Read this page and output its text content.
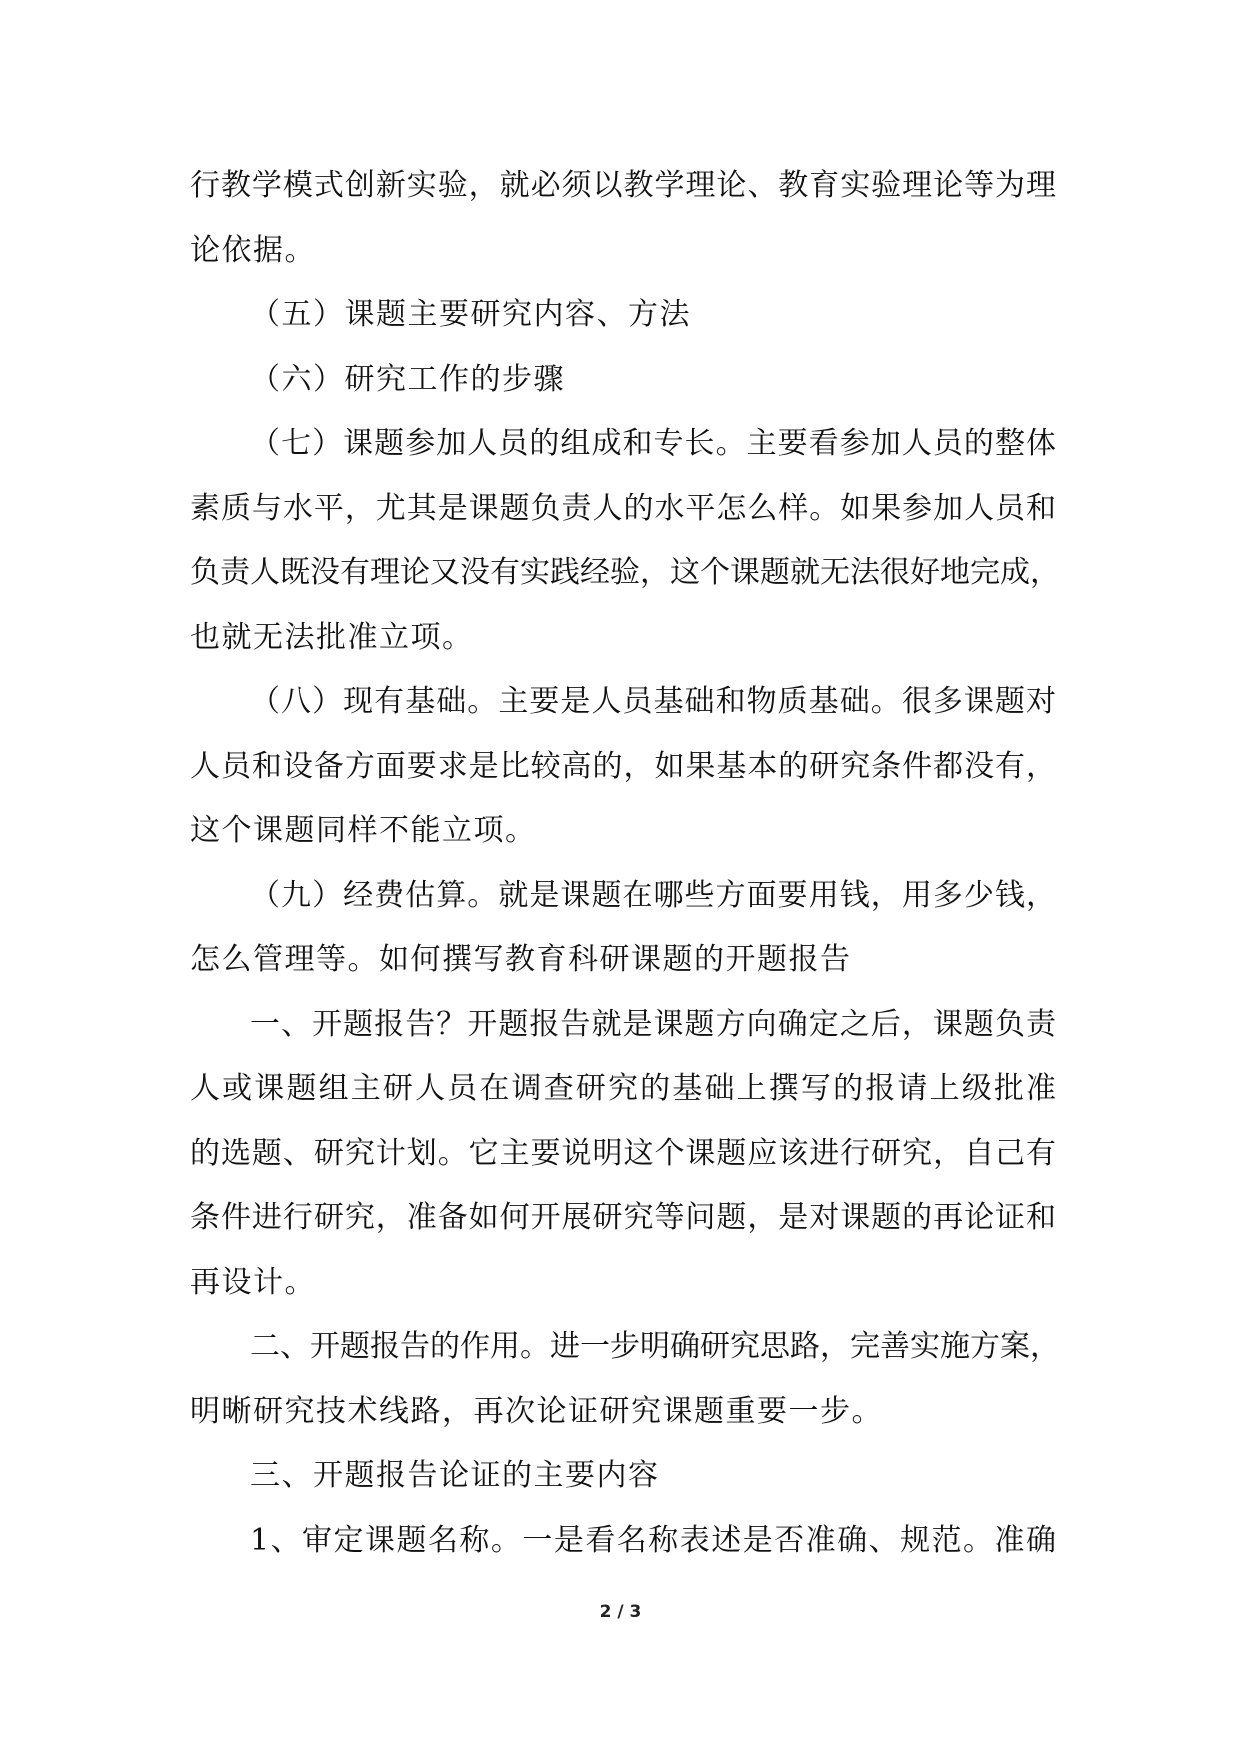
行教学模式创新实验，就必须以教学理论、教育实验理论等为理
论依据。
（五）课题主要研究内容、方法
（六）研究工作的步骤
（七）课题参加人员的组成和专长。主要看参加人员的整体
素质与水平，尤其是课题负责人的水平怎么样。如果参加人员和
负责人既没有理论又没有实践经验，这个课题就无法很好地完成，
也就无法批准立项。
（八）现有基础。主要是人员基础和物质基础。很多课题对
人员和设备方面要求是比较高的，如果基本的研究条件都没有，
这个课题同样不能立项。
（九）经费估算。就是课题在哪些方面要用钱，用多少钱，
怎么管理等。如何撰写教育科研课题的开题报告
一、开题报告？开题报告就是课题方向确定之后，课题负责
人或课题组主研人员在调查研究的基础上撰写的报请上级批准
的选题、研究计划。它主要说明这个课题应该进行研究，自己有
条件进行研究，准备如何开展研究等问题，是对课题的再论证和
再设计。
二、开题报告的作用。进一步明确研究思路，完善实施方案，
明晰研究技术线路，再次论证研究课题重要一步。
三、开题报告论证的主要内容
1、审定课题名称。一是看名称表述是否准确、规范。准确
2 / 3
